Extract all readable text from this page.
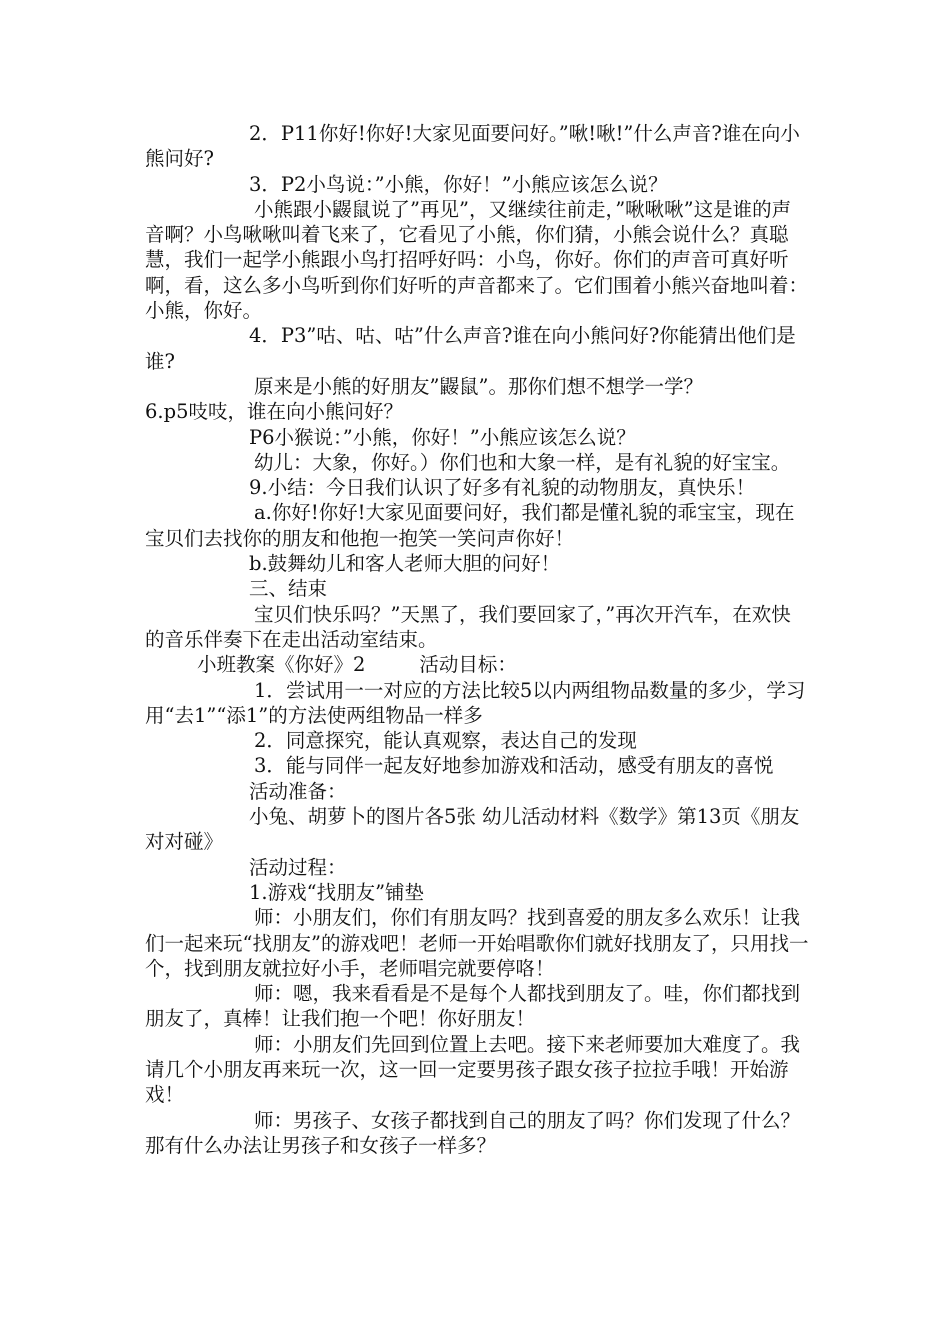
2．P11你好!你好!大家见面要问好。”啾!啾!”什么声音?谁在向小熊问好?

3．P2小鸟说：”小熊，你好！”小熊应该怎么说？

小熊跟小鼹鼠说了”再见”，又继续往前走，”啾啾啾”这是谁的声音啊？小鸟啾啾叫着飞来了，它看见了小熊，你们猜，小熊会说什么？真聪慧，我们一起学小熊跟小鸟打招呼好吗：小鸟，你好。你们的声音可真好听啊，看，这么多小鸟听到你们好听的声音都来了。它们围着小熊兴奋地叫着：小熊，你好。

4．P3”咕、咕、咕”什么声音?谁在向小熊问好?你能猜出他们是谁?

原来是小熊的好朋友”鼹鼠”。那你们想不想学一学？

6.p5吱吱，谁在向小熊问好？

P6小猴说：”小熊，你好！”小熊应该怎么说？

幼儿：大象，你好。）你们也和大象一样，是有礼貌的好宝宝。

9.小结：今日我们认识了好多有礼貌的动物朋友，真快乐！

a.你好!你好!大家见面要问好，我们都是懂礼貌的乖宝宝，现在宝贝们去找你的朋友和他抱一抱笑一笑问声你好！

b.鼓舞幼儿和客人老师大胆的问好！

三、结束

宝贝们快乐吗？”天黑了，我们要回家了，”再次开汽车，在欢快的音乐伴奏下在走出活动室结束。

小班教案《你好》2	活动目标：

1．尝试用一一对应的方法比较5以内两组物品数量的多少，学习用“去1”“添1”的方法使两组物品一样多

2．同意探究，能认真观察，表达自己的发现

3．能与同伴一起友好地参加游戏和活动，感受有朋友的喜悦

活动准备：

小兔、胡萝卜的图片各5张 幼儿活动材料《数学》第13页《朋友对对碰》

活动过程：

1.游戏“找朋友”铺垫

师：小朋友们，你们有朋友吗？找到喜爱的朋友多么欢乐！让我们一起来玩“找朋友”的游戏吧！老师一开始唱歌你们就好找朋友了，只用找一个，找到朋友就拉好小手，老师唱完就要停咯！

师：嗯，我来看看是不是每个人都找到朋友了。哇，你们都找到朋友了，真棒！让我们抱一个吧！你好朋友！

师：小朋友们先回到位置上去吧。接下来老师要加大难度了。我请几个小朋友再来玩一次，这一回一定要男孩子跟女孩子拉拉手哦！开始游戏！

师：男孩子、女孩子都找到自己的朋友了吗？你们发现了什么？那有什么办法让男孩子和女孩子一样多？
